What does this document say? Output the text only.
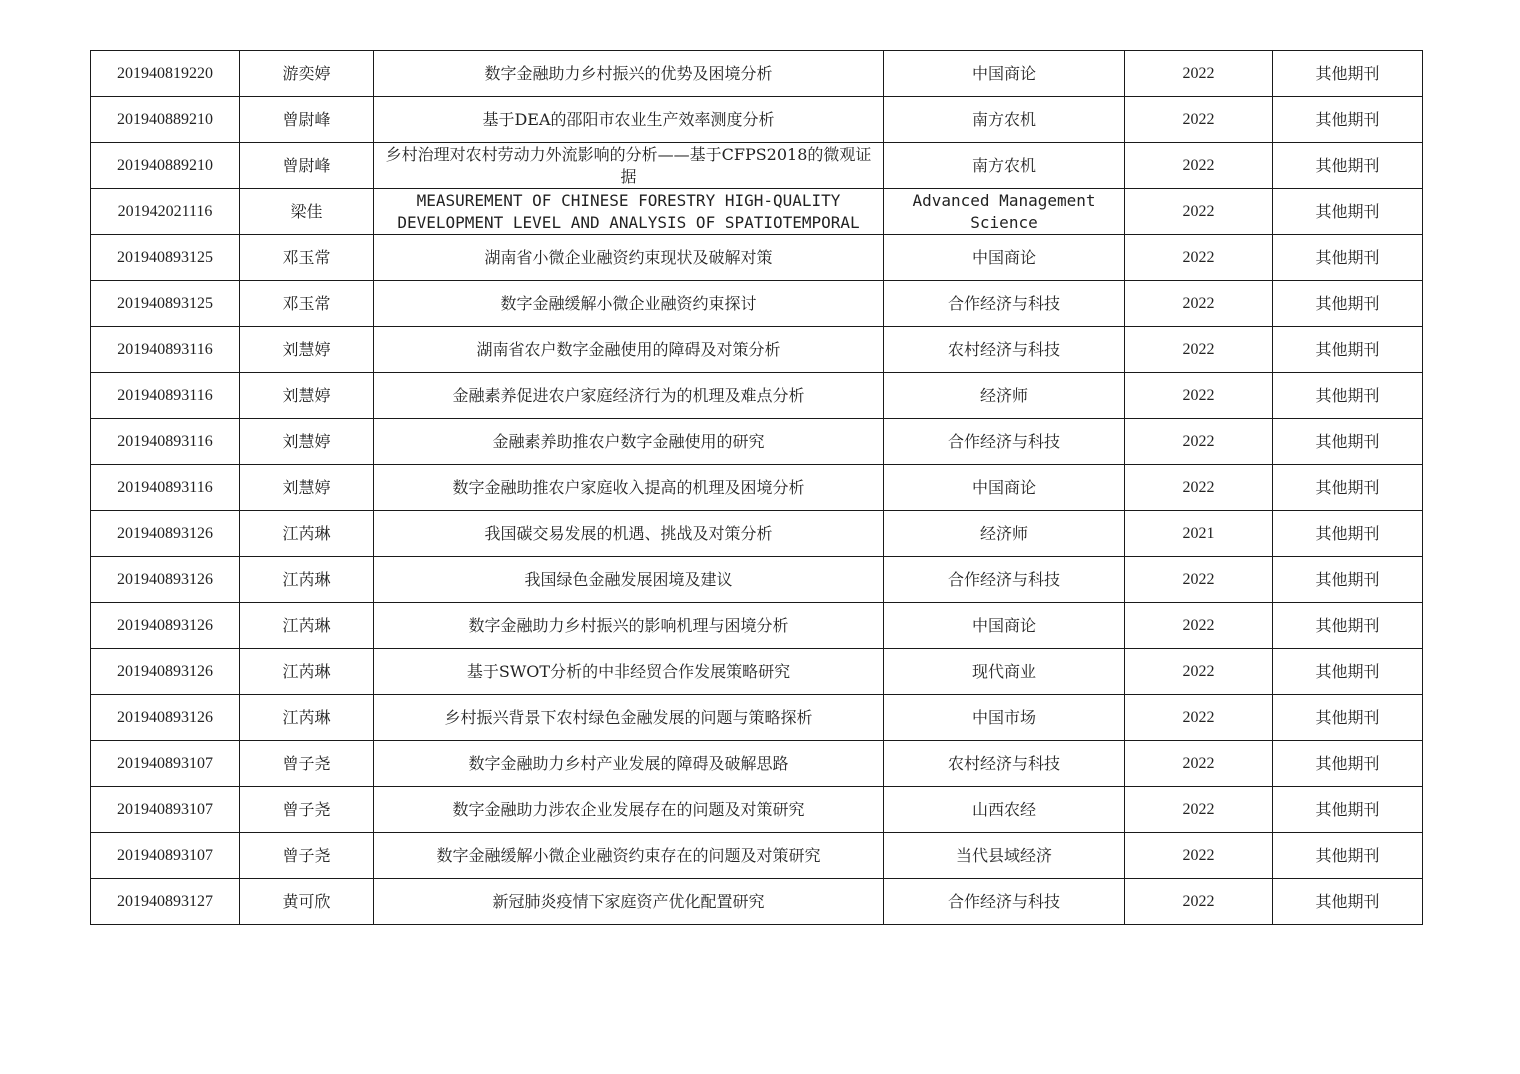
201940819220	游奕婷	数字金融助力乡村振兴的优势及困境分析	中国商论	2022	其他期刊
201940889210	曾尉峰	基于DEA的邵阳市农业生产效率测度分析	南方农机	2022	其他期刊
201940889210	曾尉峰	乡村治理对农村劳动力外流影响的分析——基于CFPS2018的微观证据	南方农机	2022	其他期刊
201942021116	梁佳	MEASUREMENT OF CHINESE FORESTRY HIGH-QUALITY DEVELOPMENT LEVEL AND ANALYSIS OF SPATIOTEMPORAL	Advanced Management Science	2022	其他期刊
201940893125	邓玉常	湖南省小微企业融资约束现状及破解对策	中国商论	2022	其他期刊
201940893125	邓玉常	数字金融缓解小微企业融资约束探讨	合作经济与科技	2022	其他期刊
201940893116	刘慧婷	湖南省农户数字金融使用的障碍及对策分析	农村经济与科技	2022	其他期刊
201940893116	刘慧婷	金融素养促进农户家庭经济行为的机理及难点分析	经济师	2022	其他期刊
201940893116	刘慧婷	金融素养助推农户数字金融使用的研究	合作经济与科技	2022	其他期刊
201940893116	刘慧婷	数字金融助推农户家庭收入提高的机理及困境分析	中国商论	2022	其他期刊
201940893126	江芮琳	我国碳交易发展的机遇、挑战及对策分析	经济师	2021	其他期刊
201940893126	江芮琳	我国绿色金融发展困境及建议	合作经济与科技	2022	其他期刊
201940893126	江芮琳	数字金融助力乡村振兴的影响机理与困境分析	中国商论	2022	其他期刊
201940893126	江芮琳	基于SWOT分析的中非经贸合作发展策略研究	现代商业	2022	其他期刊
201940893126	江芮琳	乡村振兴背景下农村绿色金融发展的问题与策略探析	中国市场	2022	其他期刊
201940893107	曾子尧	数字金融助力乡村产业发展的障碍及破解思路	农村经济与科技	2022	其他期刊
201940893107	曾子尧	数字金融助力涉农企业发展存在的问题及对策研究	山西农经	2022	其他期刊
201940893107	曾子尧	数字金融缓解小微企业融资约束存在的问题及对策研究	当代县域经济	2022	其他期刊
201940893127	黄可欣	新冠肺炎疫情下家庭资产优化配置研究	合作经济与科技	2022	其他期刊
